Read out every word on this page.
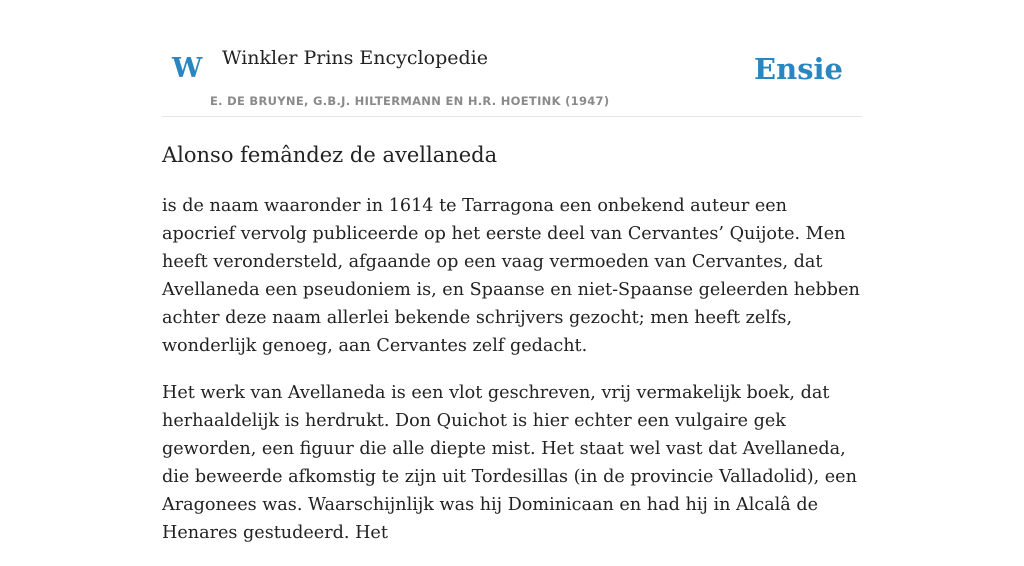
W Winkler Prins Encyclopedie
E. DE BRUYNE, G.B.J. HILTERMANN EN H.R. HOETINK (1947)
Ensie
Alonso femândez de avellaneda

is de naam waaronder in 1614 te Tarragona een onbekend auteur een apocrief vervolg publiceerde op het eerste deel van Cervantes’ Quijote. Men heeft verondersteld, afgaande op een vaag vermoeden van Cervantes, dat Avellaneda een pseudoniem is, en Spaanse en niet-Spaanse geleerden hebben achter deze naam allerlei bekende schrijvers gezocht; men heeft zelfs, wonderlijk genoeg, aan Cervantes zelf gedacht.

Het werk van Avellaneda is een vlot geschreven, vrij vermakelijk boek, dat herhaaldelijk is herdrukt. Don Quichot is hier echter een vulgaire gek geworden, een figuur die alle diepte mist. Het staat wel vast dat Avellaneda, die beweerde afkomstig te zijn uit Tordesillas (in de provincie Valladolid), een Aragonees was. Waarschijnlijk was hij Dominicaan en had hij in Alcalâ de Henares gestudeerd. Het
